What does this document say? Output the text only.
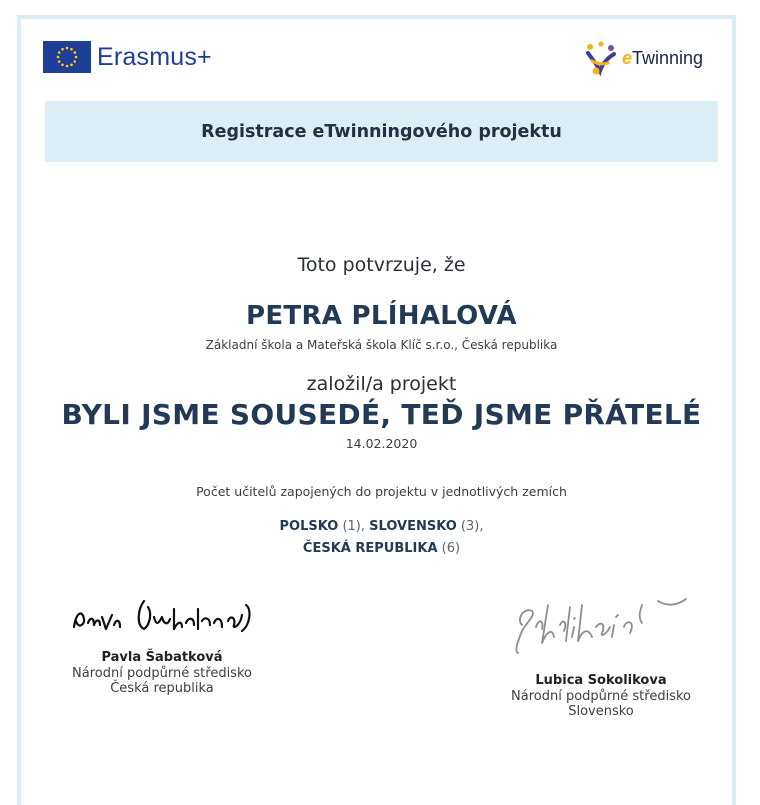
Erasmus+	eTwinning
Registrace eTwinningového projektu
Toto potvrzuje, že
PETRA PLÍHALOVÁ
Základní škola a Mateřská škola Klíč s.r.o., Česká republika
založil/a projekt
BYLI JSME SOUSEDÉ, TEĎ JSME PŘÁTELÉ
14.02.2020
Počet učitelů zapojených do projektu v jednotlivých zemích
POLSKO (1), SLOVENSKO (3),
ČESKÁ REPUBLIKA (6)
Pavla Šabatková
Národní podpůrné středisko
Česká republika
Lubica Sokolikova
Národní podpůrné středisko
Slovensko
